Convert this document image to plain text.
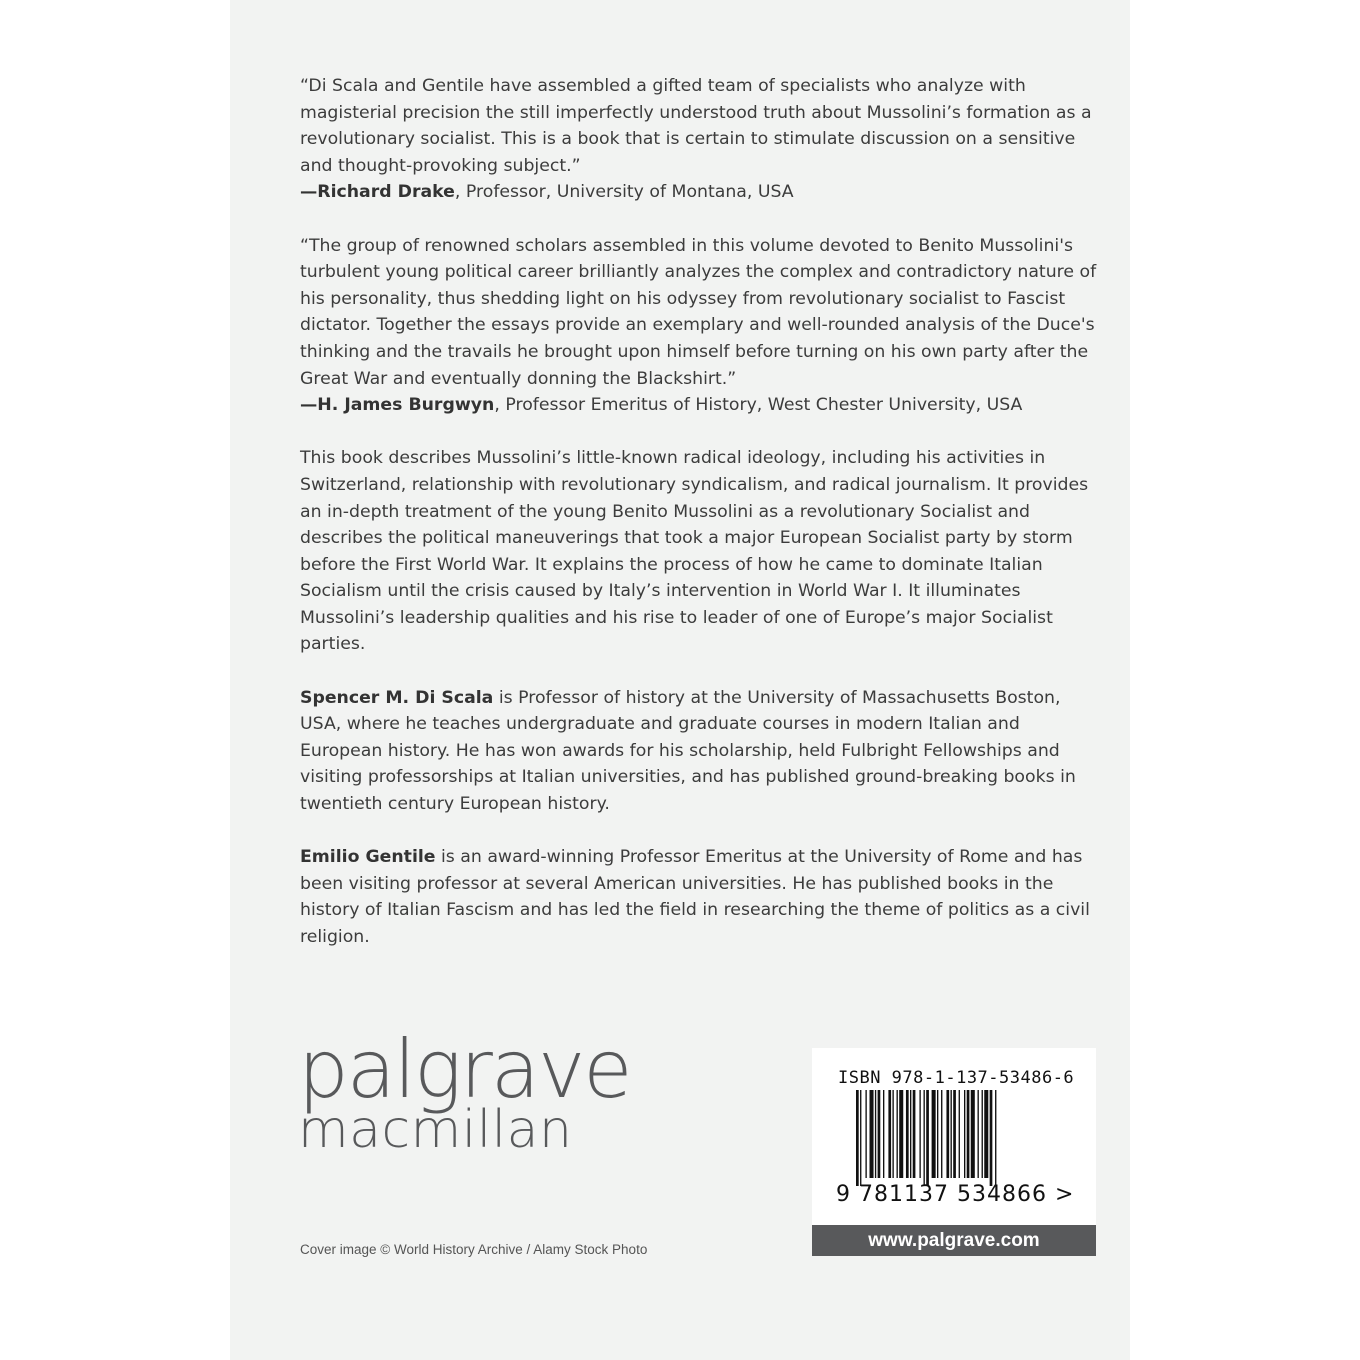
“Di Scala and Gentile have assembled a gifted team of specialists who analyze with magisterial precision the still imperfectly understood truth about Mussolini’s formation as a revolutionary socialist. This is a book that is certain to stimulate discussion on a sensitive and thought-provoking subject.”

—Richard Drake, Professor, University of Montana, USA

“The group of renowned scholars assembled in this volume devoted to Benito Mussolini's turbulent young political career brilliantly analyzes the complex and contradictory nature of his personality, thus shedding light on his odyssey from revolutionary socialist to Fascist dictator. Together the essays provide an exemplary and well-rounded analysis of the Duce's thinking and the travails he brought upon himself before turning on his own party after the Great War and eventually donning the Blackshirt.”

—H. James Burgwyn, Professor Emeritus of History, West Chester University, USA

This book describes Mussolini’s little-known radical ideology, including his activities in Switzerland, relationship with revolutionary syndicalism, and radical journalism. It provides an in-depth treatment of the young Benito Mussolini as a revolutionary Socialist and describes the political maneuverings that took a major European Socialist party by storm before the First World War. It explains the process of how he came to dominate Italian Socialism until the crisis caused by Italy’s intervention in World War I. It illuminates Mussolini’s leadership qualities and his rise to leader of one of Europe’s major Socialist parties.

Spencer M. Di Scala is Professor of history at the University of Massachusetts Boston, USA, where he teaches undergraduate and graduate courses in modern Italian and European history. He has won awards for his scholarship, held Fulbright Fellowships and visiting professorships at Italian universities, and has published ground-breaking books in twentieth century European history.

Emilio Gentile is an award-winning Professor Emeritus at the University of Rome and has been visiting professor at several American universities. He has published books in the history of Italian Fascism and has led the field in researching the theme of politics as a civil religion.

palgrave
macmillan
Cover image © World History Archive / Alamy Stock Photo
ISBN 978-1-137-53486-6
9 781137 534866 >
www.palgrave.com
